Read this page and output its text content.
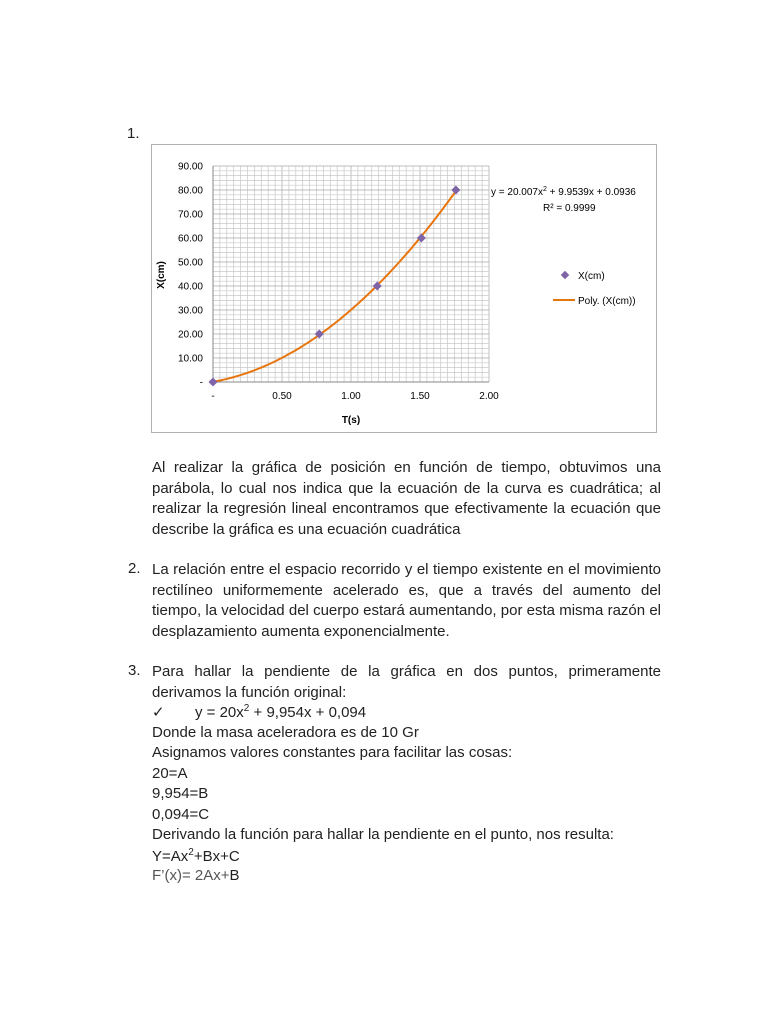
1.
-
10.00
20.00
30.00
40.00
50.00
60.00
70.00
80.00
90.00
-	0.50	1.00	1.50	2.00
T(s)
X(cm)
$y = 20.007x^2 + 9.9539x + 0.0936$
R² = 0.9999
X(cm)
Poly. (X(cm))
Al realizar la gráfica de posición en función de tiempo, obtuvimos una parábola, lo cual nos indica que la ecuación de la curva es cuadrática; al realizar la regresión lineal encontramos que efectivamente la ecuación que describe la gráfica es una ecuación cuadrática
2. La relación entre el espacio recorrido y el tiempo existente en el movimiento rectilíneo uniformemente acelerado es, que a través del aumento del tiempo, la velocidad del cuerpo estará aumentando, por esta misma razón el desplazamiento aumenta exponencialmente.
3. Para hallar la pendiente de la gráfica en dos puntos, primeramente derivamos la función original:
✓ $y = 20x^2 + 9,954x + 0,094$
Donde la masa aceleradora es de 10 Gr
Asignamos valores constantes para facilitar las cosas:
20=A
9,954=B
0,094=C
Derivando la función para hallar la pendiente en el punto, nos resulta:
$Y=Ax^2+Bx+C$
F’(x)= 2Ax+B
